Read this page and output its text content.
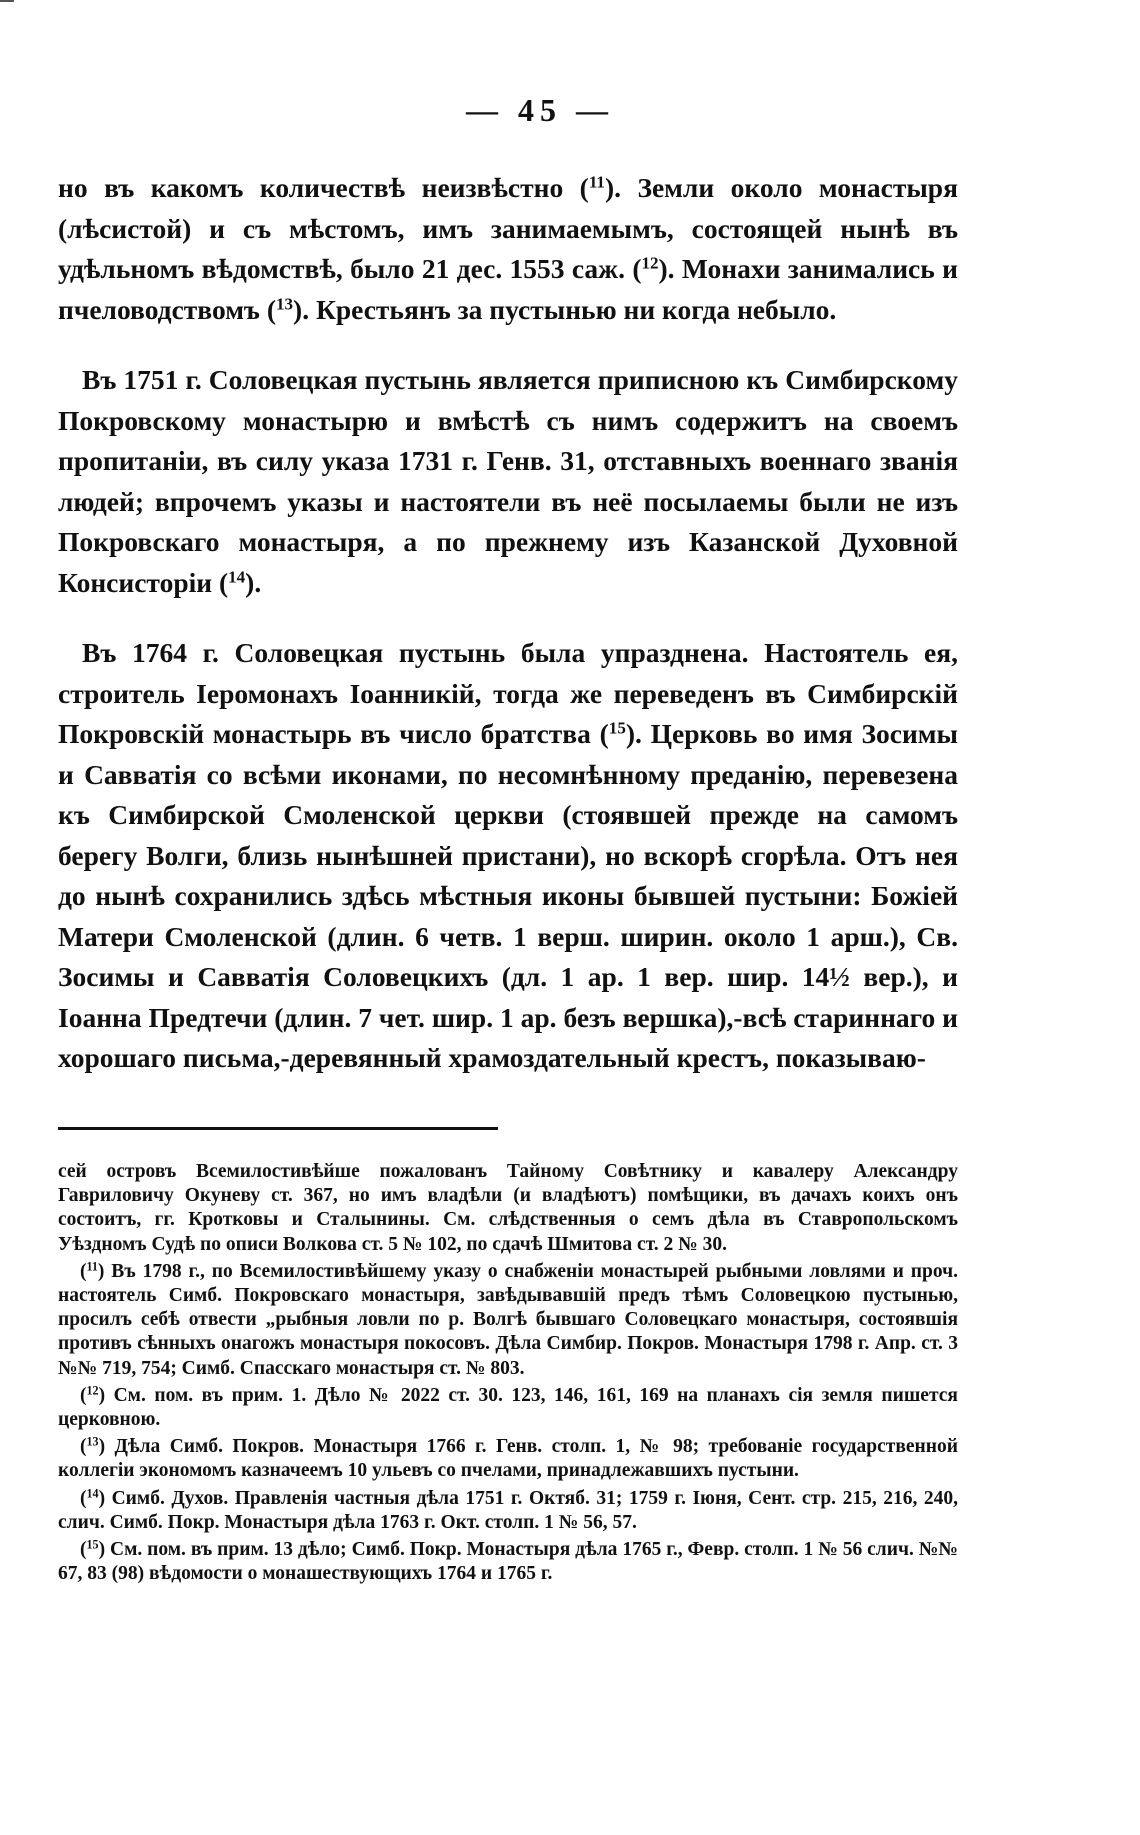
— 45 —

но въ какомъ количествѣ неизвѣстно ($^{11}$). Земли около монастыря (лѣсистой) и съ мѣстомъ, имъ занимаемымъ, состоящей нынѣ въ удѣльномъ вѣдомствѣ, было 21 дес. 1553 саж. ($^{12}$). Монахи занимались и пчеловодствомъ ($^{13}$). Крестьянъ за пустынью ни когда небыло.

Въ 1751 г. Соловецкая пустынь является приписною къ Симбирскому Покровскому монастырю и вмѣстѣ съ нимъ содержитъ на своемъ пропитаніи, въ силу указа 1731 г. Генв. 31, отставныхъ военнаго званія людей; впрочемъ указы и настоятели въ неё посылаемы были не изъ Покровскаго монастыря, а по прежнему изъ Казанской Духовной Консисторіи ($^{14}$).

Въ 1764 г. Соловецкая пустынь была упразднена. Настоятель ея, строитель Іеромонахъ Іоанникій, тогда же переведенъ въ Симбирскій Покровскій монастырь въ число братства ($^{15}$). Церковь во имя Зосимы и Савватія со всѣми иконами, по несомнѣнному преданію, перевезена къ Симбирской Смоленской церкви (стоявшей прежде на самомъ берегу Волги, близь нынѣшней пристани), но вскорѣ сгорѣла. Отъ нея до нынѣ сохранились здѣсь мѣстныя иконы бывшей пустыни: Божіей Матери Смоленской (длин. 6 четв. 1 верш. ширин. около 1 арш.), Св. Зосимы и Савватія Соловецкихъ (дл. 1 ар. 1 вер. шир. 14½ вер.), и Іоанна Предтечи (длин. 7 чет. шир. 1 ар. безъ вершка),-всѣ стариннаго и хорошаго письма,-деревянный храмоздательный крестъ, показываю-

сей островъ Всемилостивѣйше пожалованъ Тайному Совѣтнику и кавалеру Александру Гавриловичу Окуневу ст. 367, но имъ владѣли (и владѣютъ) помѣщики, въ дачахъ коихъ онъ состоитъ, гг. Кротковы и Сталынины. См. слѣдственныя о семъ дѣла въ Ставропольскомъ Уѣздномъ Судѣ по описи Волкова ст. 5 № 102, по сдачѣ Шмитова ст. 2 № 30.

($^{11}$) Въ 1798 г., по Всемилостивѣйшему указу о снабженіи монастырей рыбными ловлями и проч. настоятель Симб. Покровскаго монастыря, завѣдывавшій предъ тѣмъ Соловецкою пустынью, просилъ себѣ отвести „рыбныя ловли по р. Волгѣ бывшаго Соловецкаго монастыря, состоявшія противъ сѣнныхъ онагожъ монастыря покосовъ. Дѣла Симбир. Покров. Монастыря 1798 г. Апр. ст. 3 №№ 719, 754; Симб. Спасскаго монастыря ст. № 803.

($^{12}$) См. пом. въ прим. 1. Дѣло № 2022 ст. 30. 123, 146, 161, 169 на планахъ сія земля пишется церковною.

($^{13}$) Дѣла Симб. Покров. Монастыря 1766 г. Генв. столп. 1, № 98; требованіе государственной коллегіи экономомъ казначеемъ 10 ульевъ со пчелами, принадлежавшихъ пустыни.

($^{14}$) Симб. Духов. Правленія частныя дѣла 1751 г. Октяб. 31; 1759 г. Іюня, Сент. стр. 215, 216, 240, слич. Симб. Покр. Монастыря дѣла 1763 г. Окт. столп. 1 № 56, 57.

($^{15}$) См. пом. въ прим. 13 дѣло; Симб. Покр. Монастыря дѣла 1765 г., Февр. столп. 1 № 56 слич. №№ 67, 83 (98) вѣдомости о монашествующихъ 1764 и 1765 г.
